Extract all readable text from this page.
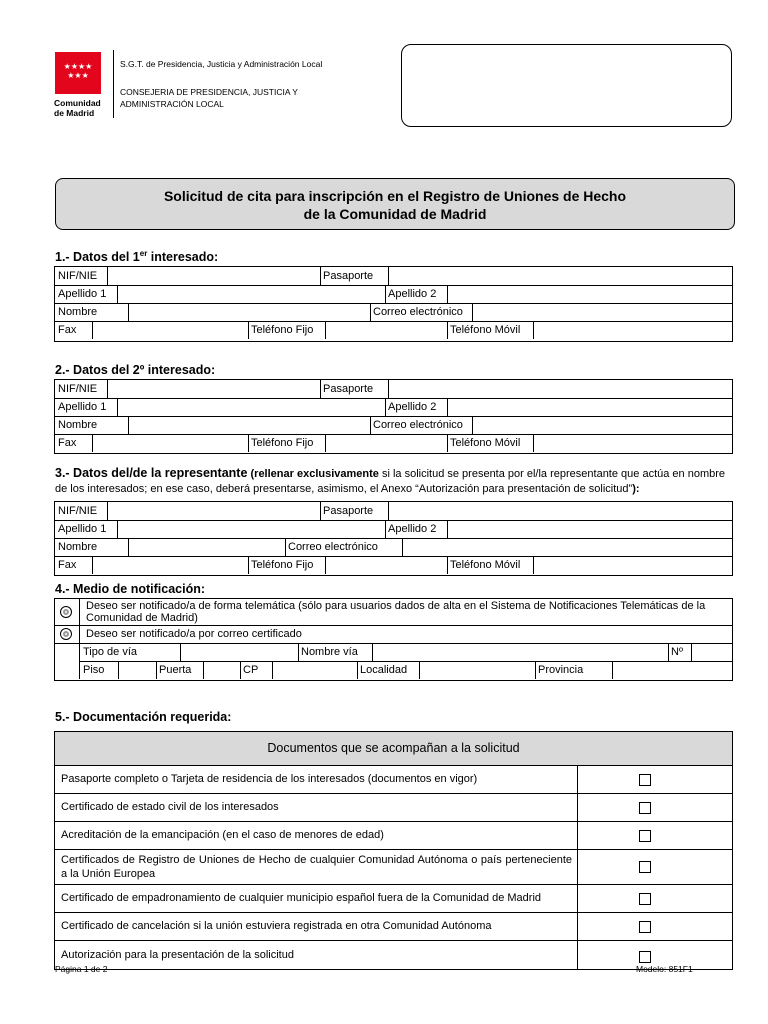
★★★★
★★★
Comunidad
de Madrid
S.G.T. de Presidencia, Justicia y Administración Local
CONSEJERIA DE PRESIDENCIA, JUSTICIA Y ADMINISTRACIÓN LOCAL
Solicitud de cita para inscripción en el Registro de Uniones de Hecho
de la Comunidad de Madrid
1.- Datos del 1er interesado:
NIF/NIE	Pasaporte
Apellido 1	Apellido 2
Nombre	Correo electrónico
Fax	Teléfono Fijo	Teléfono Móvil
2.- Datos del 2º interesado:
NIF/NIE	Pasaporte
Apellido 1	Apellido 2
Nombre	Correo electrónico
Fax	Teléfono Fijo	Teléfono Móvil
3.- Datos del/de la representante (rellenar exclusivamente si la solicitud se presenta por el/la representante que actúa en nombre de los interesados; en ese caso, deberá presentarse, asimismo, el Anexo “Autorización para presentación de solicitud”):
NIF/NIE	Pasaporte
Apellido 1	Apellido 2
Nombre	Correo electrónico
Fax	Teléfono Fijo	Teléfono Móvil
4.- Medio de notificación:
Deseo ser notificado/a de forma telemática (sólo para usuarios dados de alta en el Sistema de Notificaciones Telemáticas de la Comunidad de Madrid)
Deseo ser notificado/a por correo certificado
Tipo de vía	Nombre vía	Nº
Piso	Puerta	CP	Localidad	Provincia
5.- Documentación requerida:
Documentos que se acompañan a la solicitud
Pasaporte completo o Tarjeta de residencia de los interesados (documentos en vigor)
Certificado de estado civil de los interesados
Acreditación de la emancipación (en el caso de menores de edad)
Certificados de Registro de Uniones de Hecho de cualquier Comunidad Autónoma o país perteneciente a la Unión Europea
Certificado de empadronamiento de cualquier municipio español fuera de la Comunidad de Madrid
Certificado de cancelación si la unión estuviera registrada en otra Comunidad Autónoma
Autorización para la presentación de la solicitud
Página 1 de 2	Modelo: 851F1
